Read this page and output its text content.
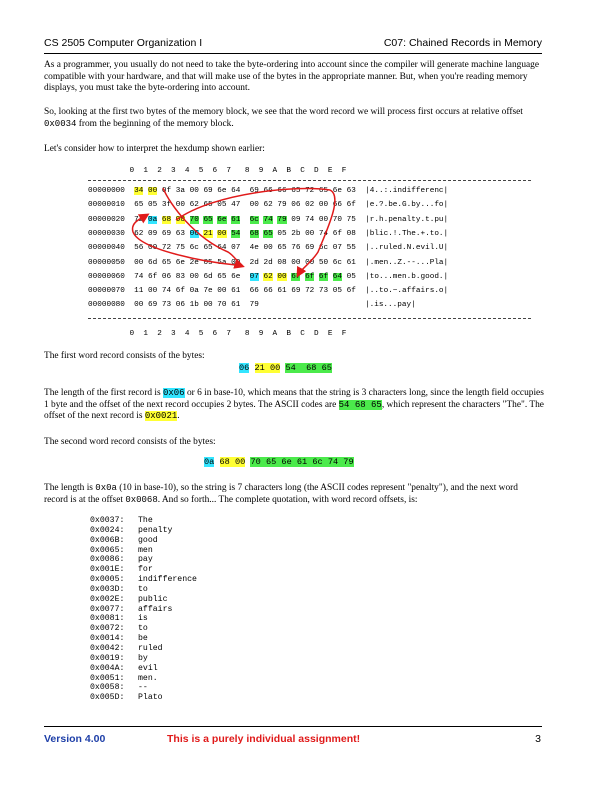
CS 2505 Computer Organization I	C07: Chained Records in Memory
As a programmer, you usually do not need to take the byte-ordering into account since the compiler will generate machine language compatible with your hardware, and that will make use of the bytes in the appropriate manner. But, when you're reading memory displays, you must take the byte-ordering into account.
So, looking at the first two bytes of the memory block, we see that the word record we will process first occurs at relative offset 0x0034 from the beginning of the memory block.
Let's consider how to interpret the hexdump shown earlier:
0  1  2  3  4  5  6  7   8  9  A  B  C  D  E  F
00000000 34 00 0f 3a 00 69 6e 64 69 66 66 65 72 65 6e 63 |4..:.indifferenc|
00000010 65 05 3f 00 62 65 05 47 00 62 79 06 02 00 66 6f |e.?.be.G.by...fo|
00000020 72 0a 68 00 70 65 6e 61 6c 74 79 09 74 00 70 75 |r.h.penalty.t.pu|
00000030 62 09 69 63 06 21 00 54 68 65 05 2b 00 74 6f 08 |blic.!.The.+.to.|
00000040 56 00 72 75 6c 65 64 07 4e 00 65 76 69 6c 07 55 |..ruled.N.evil.U|
00000050 00 6d 65 6e 2e 05 5a 00 2d 2d 08 00 00 50 6c 61 |.men..Z.--...Pla|
00000060 74 6f 06 83 00 6d 65 6e 07 62 00 67 6f 6f 64 05 |to...men.b.good.|
00000070 11 00 74 6f 0a 7e 00 61 66 66 61 69 72 73 05 6f |..to.~.affairs.o|
00000080 00 69 73 06 1b 00 70 61 79	|.is...pay|
0  1  2  3  4  5  6  7   8  9  A  B  C  D  E  F
The first word record consists of the bytes:
06 21 00 54  68 65
The length of the first record is 0x06 or 6 in base-10, which means that the string is 3 characters long, since the length field occupies 1 byte and the offset of the next record occupies 2 bytes. The ASCII codes are 54 68 65, which represent the characters "The". The offset of the next record is 0x0021.
The second word record consists of the bytes:
0a 68 00 70 65 6e 61 6c 74 79
The length is 0x0a (10 in base-10), so the string is 7 characters long (the ASCII codes represent "penalty"), and the next word record is at the offset 0x0068. And so forth... The complete quotation, with word record offsets, is:
0x0037: The
0x0024: penalty
0x006B: good
0x0065: men
0x0086: pay
0x001E: for
0x0005: indifference
0x003D: to
0x002E: public
0x0077: affairs
0x0081: is
0x0072: to
0x0014: be
0x0042: ruled
0x0019: by
0x004A: evil
0x0051: men.
0x0058: --
0x005D: Plato
Version 4.00	This is a purely individual assignment!	3
